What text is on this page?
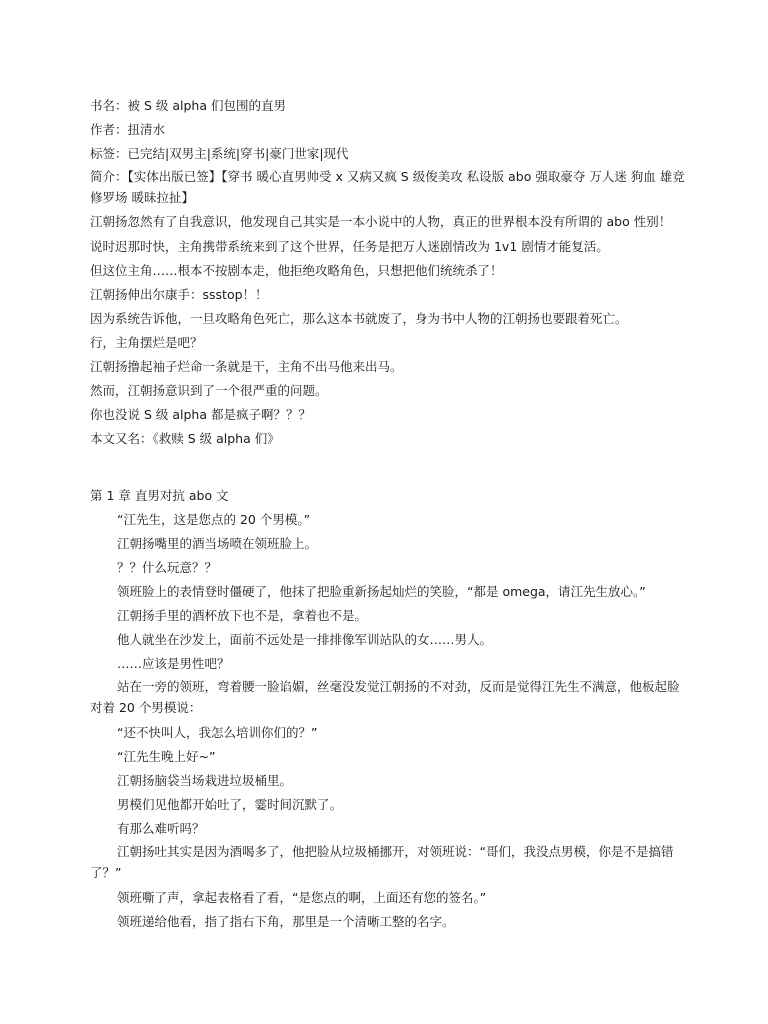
书名：被 S 级 alpha 们包围的直男
作者：扭清水
标签：已完结|双男主|系统|穿书|豪门世家|现代
简介：【实体出版已签】【穿书 暖心直男帅受 x 又病又疯 S 级俊美攻 私设版 abo 强取豪夺 万人迷 狗血 雄竞修罗场 暖昧拉扯】
江朝扬忽然有了自我意识，他发现自己其实是一本小说中的人物，真正的世界根本没有所谓的 abo 性别！
说时迟那时快，主角携带系统来到了这个世界，任务是把万人迷剧情改为 1v1 剧情才能复活。
但这位主角……根本不按剧本走，他拒绝攻略角色，只想把他们统统杀了！
江朝扬伸出尔康手：ssstop！！
因为系统告诉他，一旦攻略角色死亡，那么这本书就废了，身为书中人物的江朝扬也要跟着死亡。
行，主角摆烂是吧？
江朝扬撸起袖子烂命一条就是干，主角不出马他来出马。
然而，江朝扬意识到了一个很严重的问题。
你也没说 S 级 alpha 都是疯子啊？？？
本文又名：《救赎 S 级 alpha 们》
第 1 章 直男对抗 abo 文
“江先生，这是您点的 20 个男模。”
江朝扬嘴里的酒当场喷在领班脸上。
？？什么玩意？？
领班脸上的表情登时僵硬了，他抹了把脸重新扬起灿烂的笑脸，“都是 omega，请江先生放心。”
江朝扬手里的酒杯放下也不是，拿着也不是。
他人就坐在沙发上，面前不远处是一排排像军训站队的女……男人。
……应该是男性吧？
站在一旁的领班，弯着腰一脸谄媚，丝毫没发觉江朝扬的不对劲，反而是觉得江先生不满意，他板起脸对着 20 个男模说：
“还不快叫人，我怎么培训你们的？”
“江先生晚上好~”
江朝扬脑袋当场栽进垃圾桶里。
男模们见他都开始吐了，霎时间沉默了。
有那么难听吗？
江朝扬吐其实是因为酒喝多了，他把脸从垃圾桶挪开，对领班说：“哥们，我没点男模，你是不是搞错了？”
领班嘶了声，拿起表格看了看，“是您点的啊，上面还有您的签名。”
领班递给他看，指了指右下角，那里是一个清晰工整的名字。
